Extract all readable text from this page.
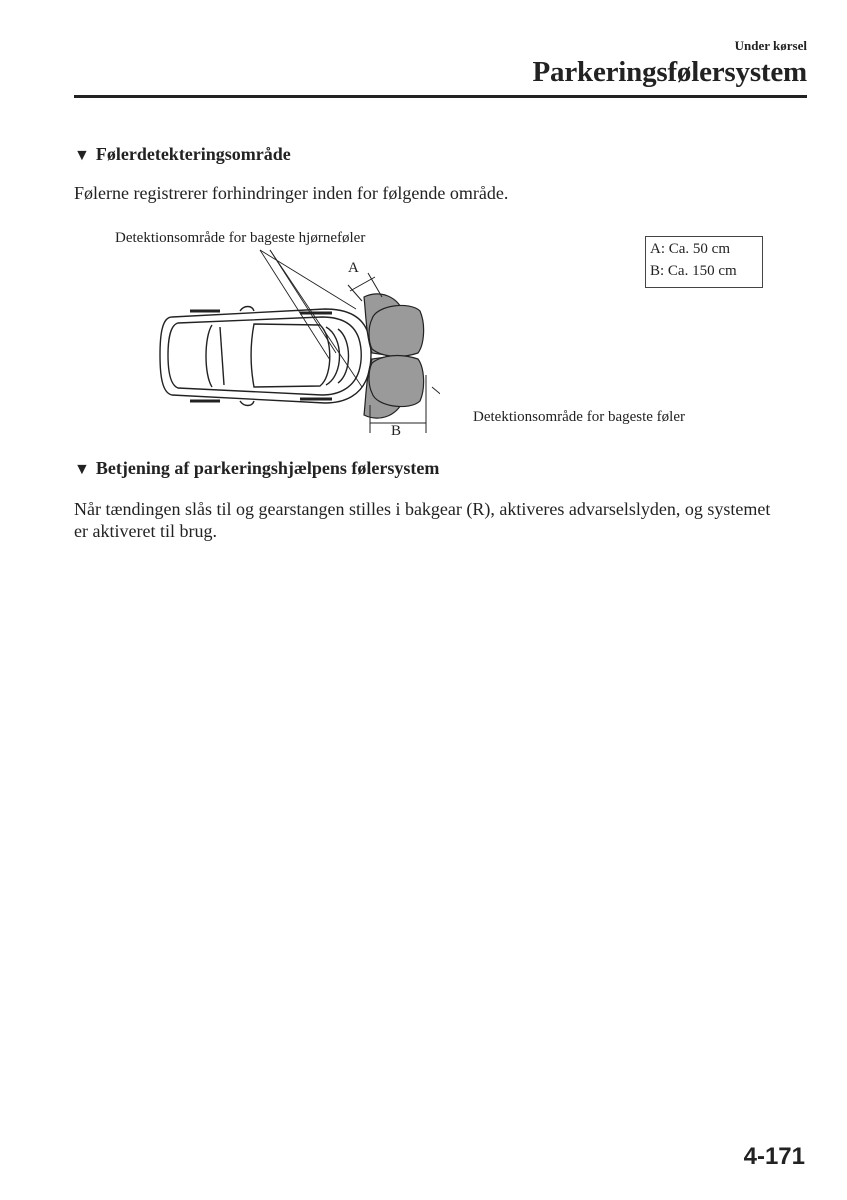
Under kørsel
Parkeringsfølersystem
▼ Følerdetekteringsområde
Følerne registrerer forhindringer inden for følgende område.
Detektionsområde for bageste hjørneføler
Detektionsområde for bageste føler
A
B
A: Ca. 50 cm
B: Ca. 150 cm
▼ Betjening af parkeringshjælpens følersystem
Når tændingen slås til og gearstangen stilles i bakgear (R), aktiveres advarselslyden, og systemet er aktiveret til brug.
4-171
